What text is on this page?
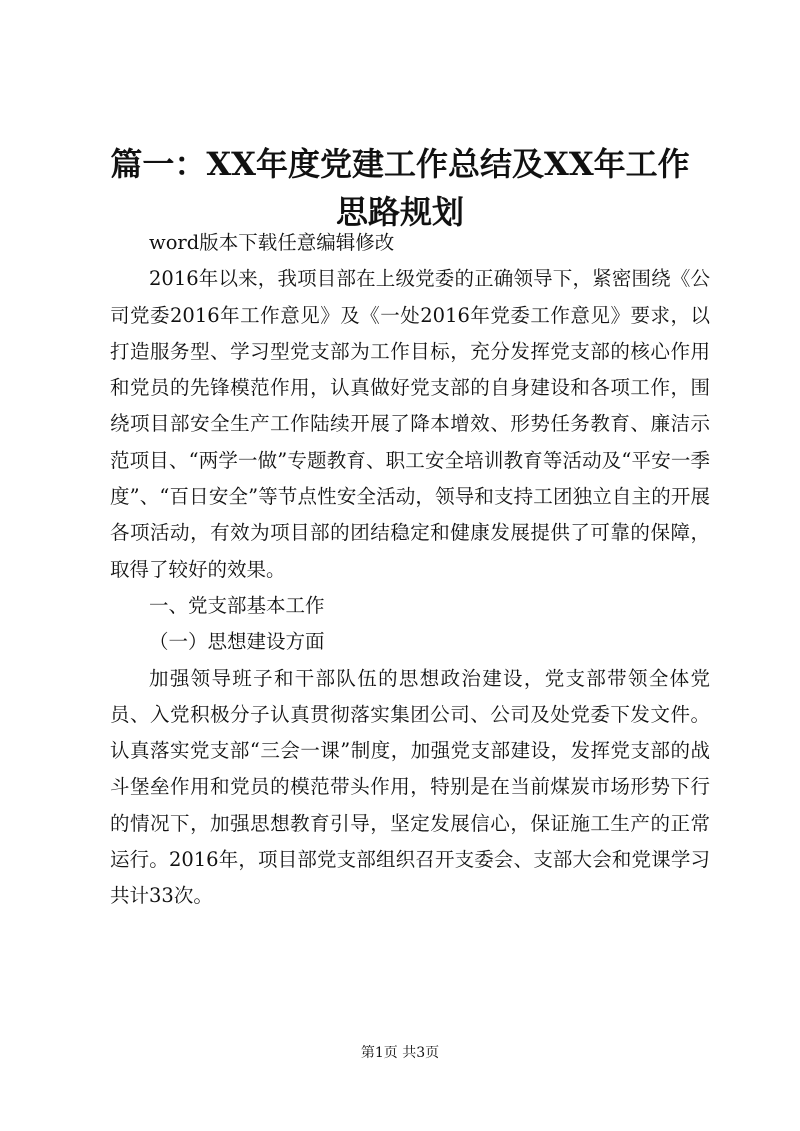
篇一：XX年度党建工作总结及XX年工作思路规划

word版本下载任意编辑修改

2016年以来，我项目部在上级党委的正确领导下，紧密围绕《公司党委2016年工作意见》及《一处2016年党委工作意见》要求，以打造服务型、学习型党支部为工作目标，充分发挥党支部的核心作用和党员的先锋模范作用，认真做好党支部的自身建设和各项工作，围绕项目部安全生产工作陆续开展了降本增效、形势任务教育、廉洁示范项目、“两学一做”专题教育、职工安全培训教育等活动及“平安一季度”、“百日安全”等节点性安全活动，领导和支持工团独立自主的开展各项活动，有效为项目部的团结稳定和健康发展提供了可靠的保障，取得了较好的效果。

一、党支部基本工作

（一）思想建设方面

加强领导班子和干部队伍的思想政治建设，党支部带领全体党员、入党积极分子认真贯彻落实集团公司、公司及处党委下发文件。认真落实党支部“三会一课”制度，加强党支部建设，发挥党支部的战斗堡垒作用和党员的模范带头作用，特别是在当前煤炭市场形势下行的情况下，加强思想教育引导，坚定发展信心，保证施工生产的正常运行。2016年，项目部党支部组织召开支委会、支部大会和党课学习共计33次。

第1页 共3页
